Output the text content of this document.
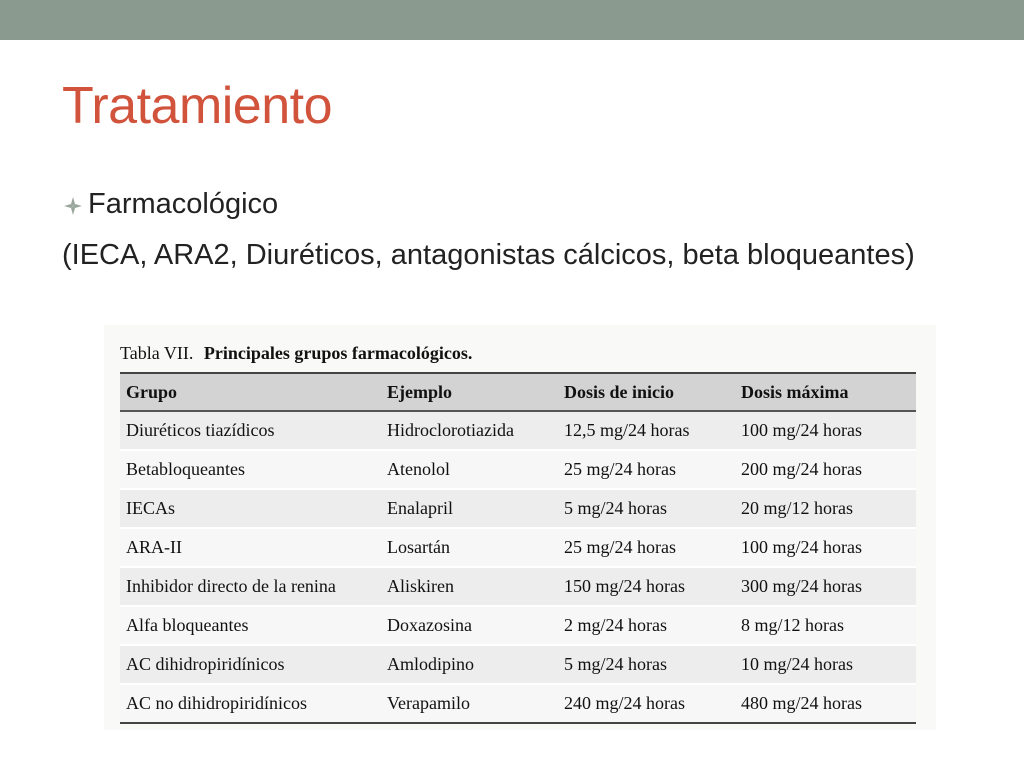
Tratamiento
Farmacológico
(IECA, ARA2, Diuréticos, antagonistas cálcicos, beta bloqueantes)
Tabla VII. Principales grupos farmacológicos.
Grupo	Ejemplo	Dosis de inicio	Dosis máxima
Diuréticos tiazídicos	Hidroclorotiazida	12,5 mg/24 horas	100 mg/24 horas
Betabloqueantes	Atenolol	25 mg/24 horas	200 mg/24 horas
IECAs	Enalapril	5 mg/24 horas	20 mg/12 horas
ARA-II	Losartán	25 mg/24 horas	100 mg/24 horas
Inhibidor directo de la renina	Aliskiren	150 mg/24 horas	300 mg/24 horas
Alfa bloqueantes	Doxazosina	2 mg/24 horas	8 mg/12 horas
AC dihidropiridínicos	Amlodipino	5 mg/24 horas	10 mg/24 horas
AC no dihidropiridínicos	Verapamilo	240 mg/24 horas	480 mg/24 horas
